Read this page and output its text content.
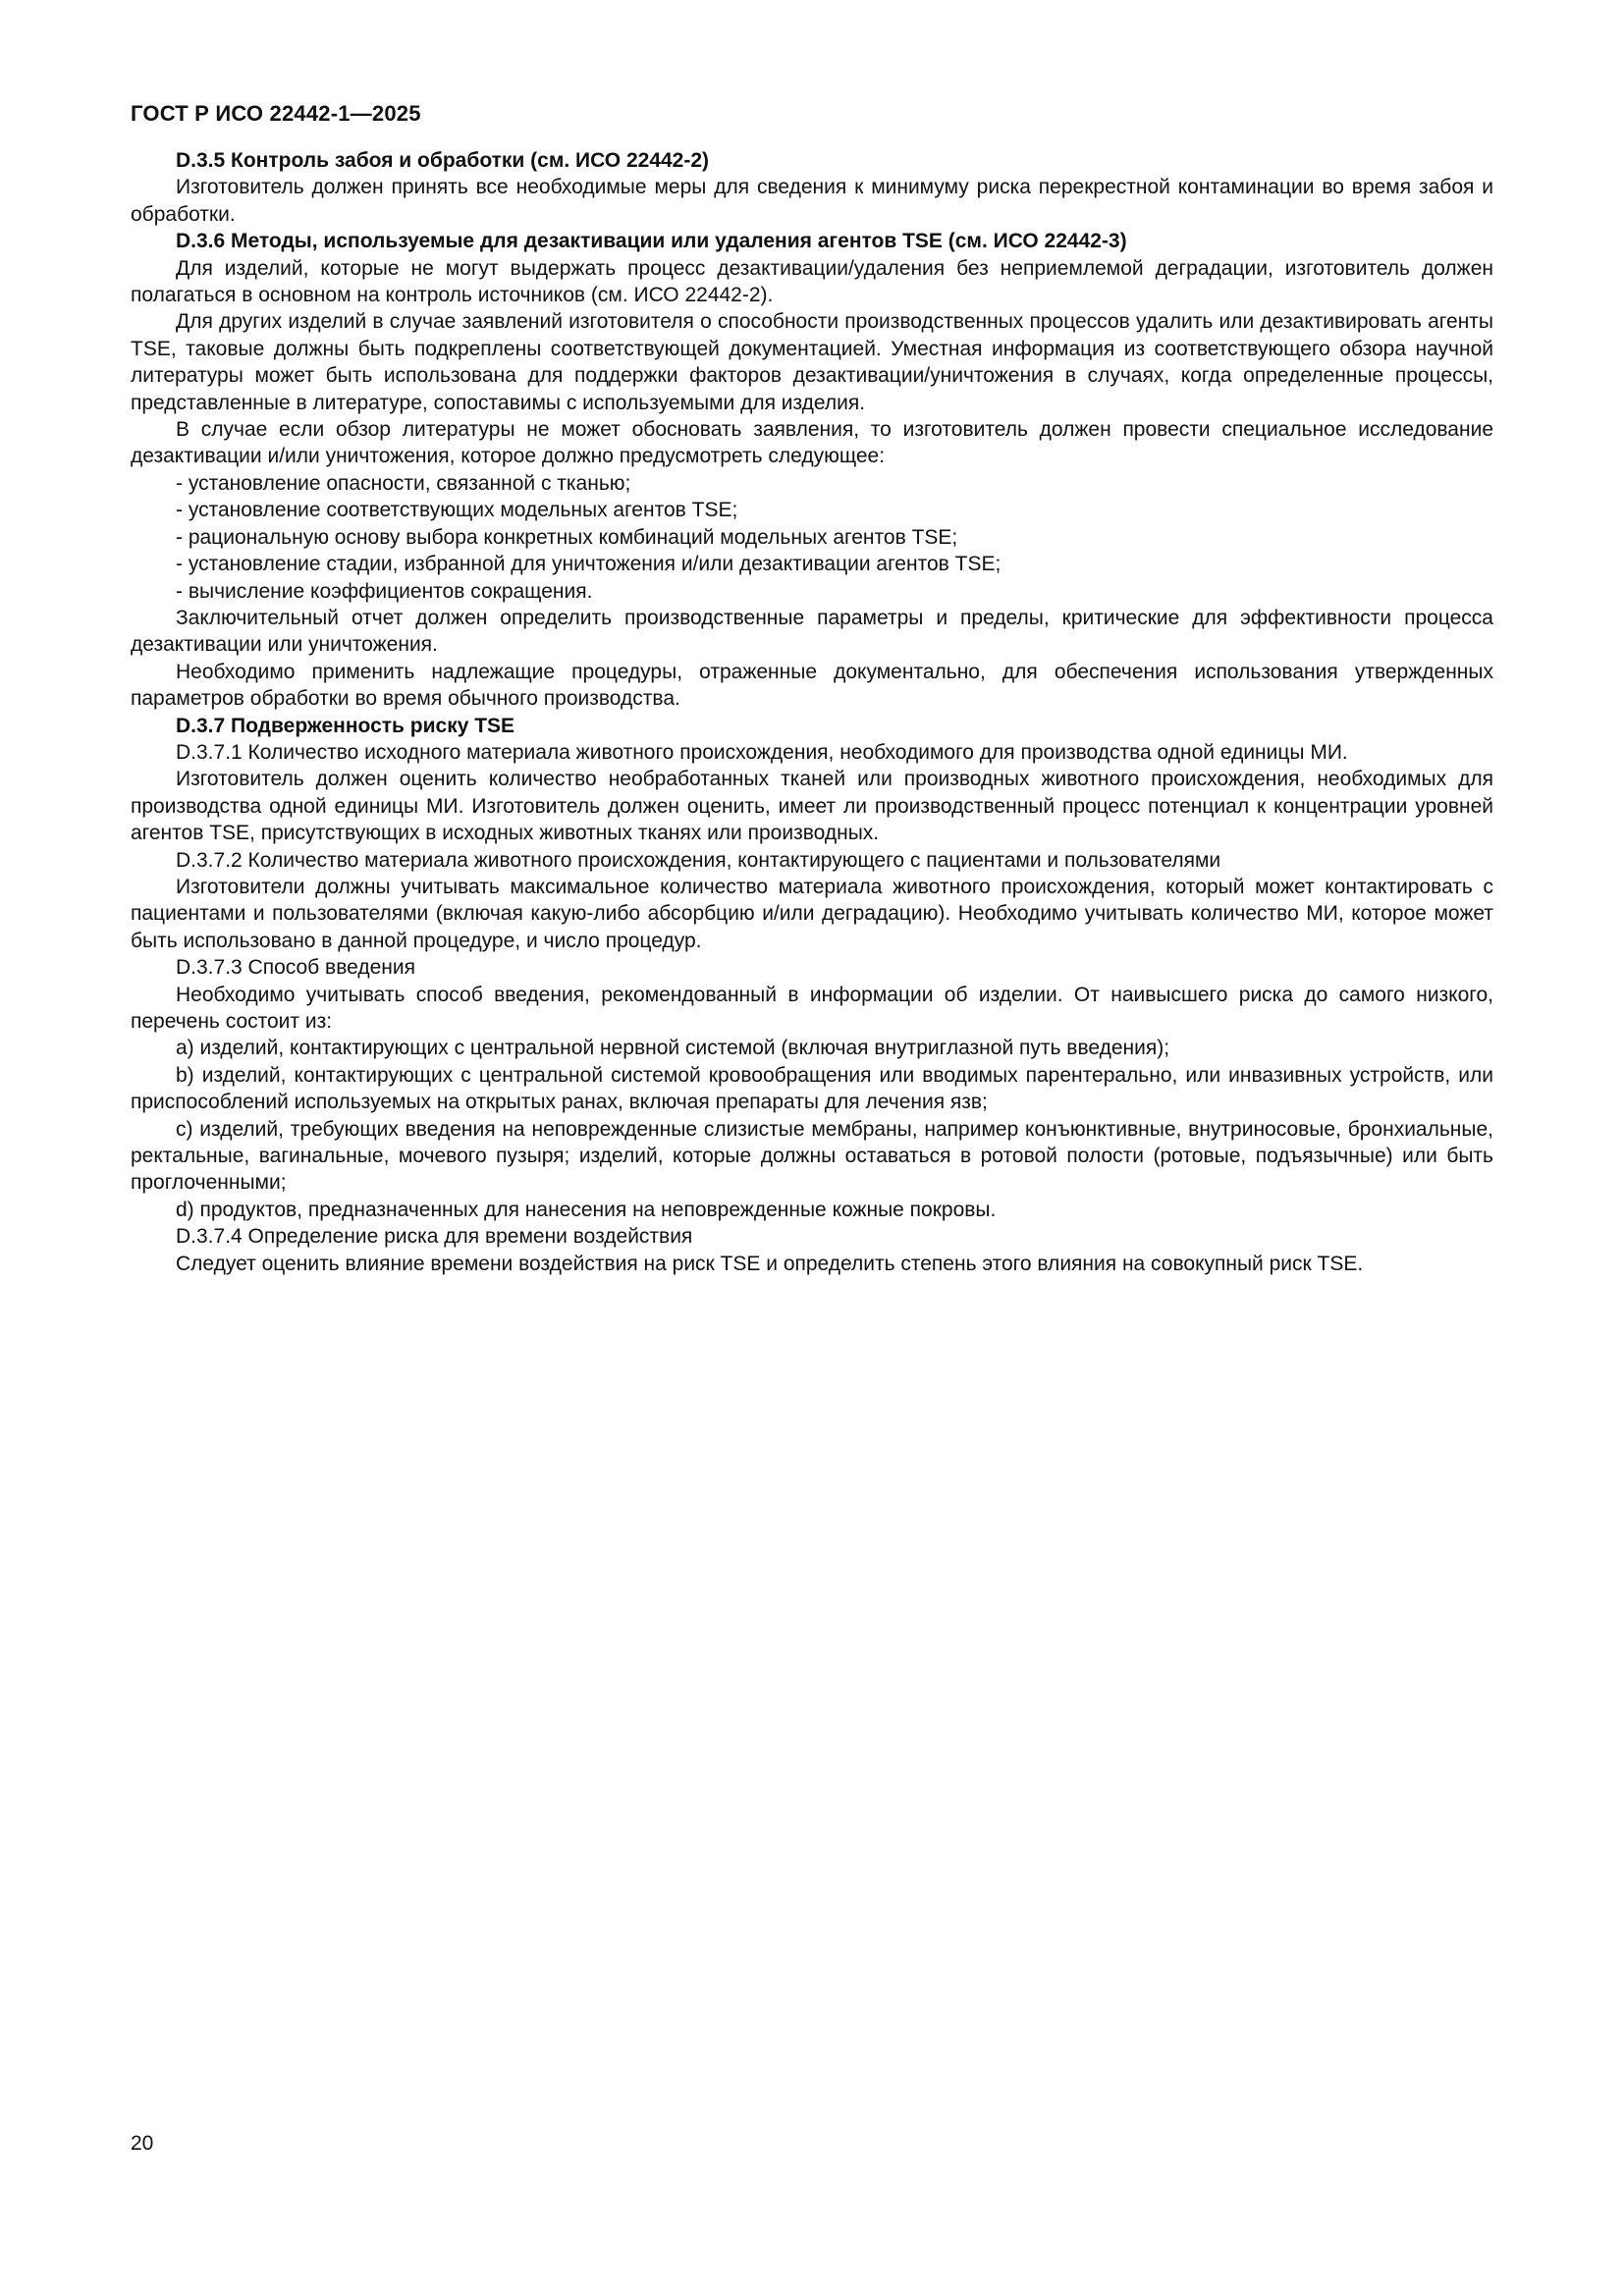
ГОСТ Р ИСО 22442-1—2025

D.3.5 Контроль забоя и обработки (см. ИСО 22442-2)

Изготовитель должен принять все необходимые меры для сведения к минимуму риска перекрестной контаминации во время забоя и обработки.

D.3.6 Методы, используемые для дезактивации или удаления агентов TSE (см. ИСО 22442-3)

Для изделий, которые не могут выдержать процесс дезактивации/удаления без неприемлемой деградации, изготовитель должен полагаться в основном на контроль источников (см. ИСО 22442-2).

Для других изделий в случае заявлений изготовителя о способности производственных процессов удалить или дезактивировать агенты TSE, таковые должны быть подкреплены соответствующей документацией. Уместная информация из соответствующего обзора научной литературы может быть использована для поддержки факторов дезактивации/уничтожения в случаях, когда определенные процессы, представленные в литературе, сопоставимы с используемыми для изделия.

В случае если обзор литературы не может обосновать заявления, то изготовитель должен провести специальное исследование дезактивации и/или уничтожения, которое должно предусмотреть следующее:

- установление опасности, связанной с тканью;

- установление соответствующих модельных агентов TSE;

- рациональную основу выбора конкретных комбинаций модельных агентов TSE;

- установление стадии, избранной для уничтожения и/или дезактивации агентов TSE;

- вычисление коэффициентов сокращения.

Заключительный отчет должен определить производственные параметры и пределы, критические для эффективности процесса дезактивации или уничтожения.

Необходимо применить надлежащие процедуры, отраженные документально, для обеспечения использования утвержденных параметров обработки во время обычного производства.

D.3.7 Подверженность риску TSE

D.3.7.1 Количество исходного материала животного происхождения, необходимого для производства одной единицы МИ.

Изготовитель должен оценить количество необработанных тканей или производных животного происхождения, необходимых для производства одной единицы МИ. Изготовитель должен оценить, имеет ли производственный процесс потенциал к концентрации уровней агентов TSE, присутствующих в исходных животных тканях или производных.

D.3.7.2 Количество материала животного происхождения, контактирующего с пациентами и пользователями

Изготовители должны учитывать максимальное количество материала животного происхождения, который может контактировать с пациентами и пользователями (включая какую-либо абсорбцию и/или деградацию). Необходимо учитывать количество МИ, которое может быть использовано в данной процедуре, и число процедур.

D.3.7.3 Способ введения

Необходимо учитывать способ введения, рекомендованный в информации об изделии. От наивысшего риска до самого низкого, перечень состоит из:

a) изделий, контактирующих с центральной нервной системой (включая внутриглазной путь введения);

b) изделий, контактирующих с центральной системой кровообращения или вводимых парентерально, или инвазивных устройств, или приспособлений используемых на открытых ранах, включая препараты для лечения язв;

c) изделий, требующих введения на неповрежденные слизистые мембраны, например конъюнктивные, внутриносовые, бронхиальные, ректальные, вагинальные, мочевого пузыря; изделий, которые должны оставаться в ротовой полости (ротовые, подъязычные) или быть проглоченными;

d) продуктов, предназначенных для нанесения на неповрежденные кожные покровы.

D.3.7.4 Определение риска для времени воздействия

Следует оценить влияние времени воздействия на риск TSE и определить степень этого влияния на совокупный риск TSE.

20
